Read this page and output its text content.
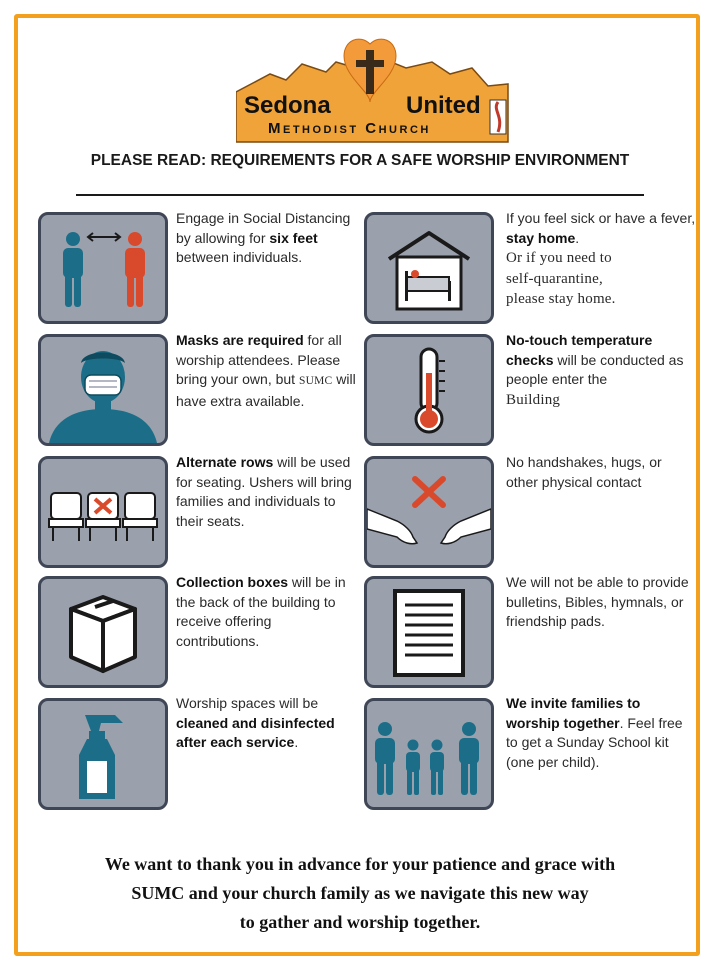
Sedona	United
Methodist Church
PLEASE READ: REQUIREMENTS FOR A SAFE WORSHIP ENVIRONMENT
Engage in Social Distancing by allowing for six feet between individuals.
If you feel sick or have a fever, stay home.
Or if you need to
self-quarantine,
please stay home.
Masks are required for all worship attendees. Please bring your own, but SUMC will have extra available.
No-touch temperature checks will be conducted as people enter the
Building
Alternate rows will be used for seating. Ushers will bring families and individuals to their seats.
No handshakes, hugs, or other physical contact
Collection boxes will be in the back of the building to receive offering contributions.
We will not be able to provide bulletins, Bibles, hymnals, or friendship pads.
Worship spaces will be cleaned and disinfected after each service.
We invite families to worship together. Feel free to get a Sunday School kit (one per child).
We want to thank you in advance for your patience and grace with
SUMC and your church family as we navigate this new way
to gather and worship together.
